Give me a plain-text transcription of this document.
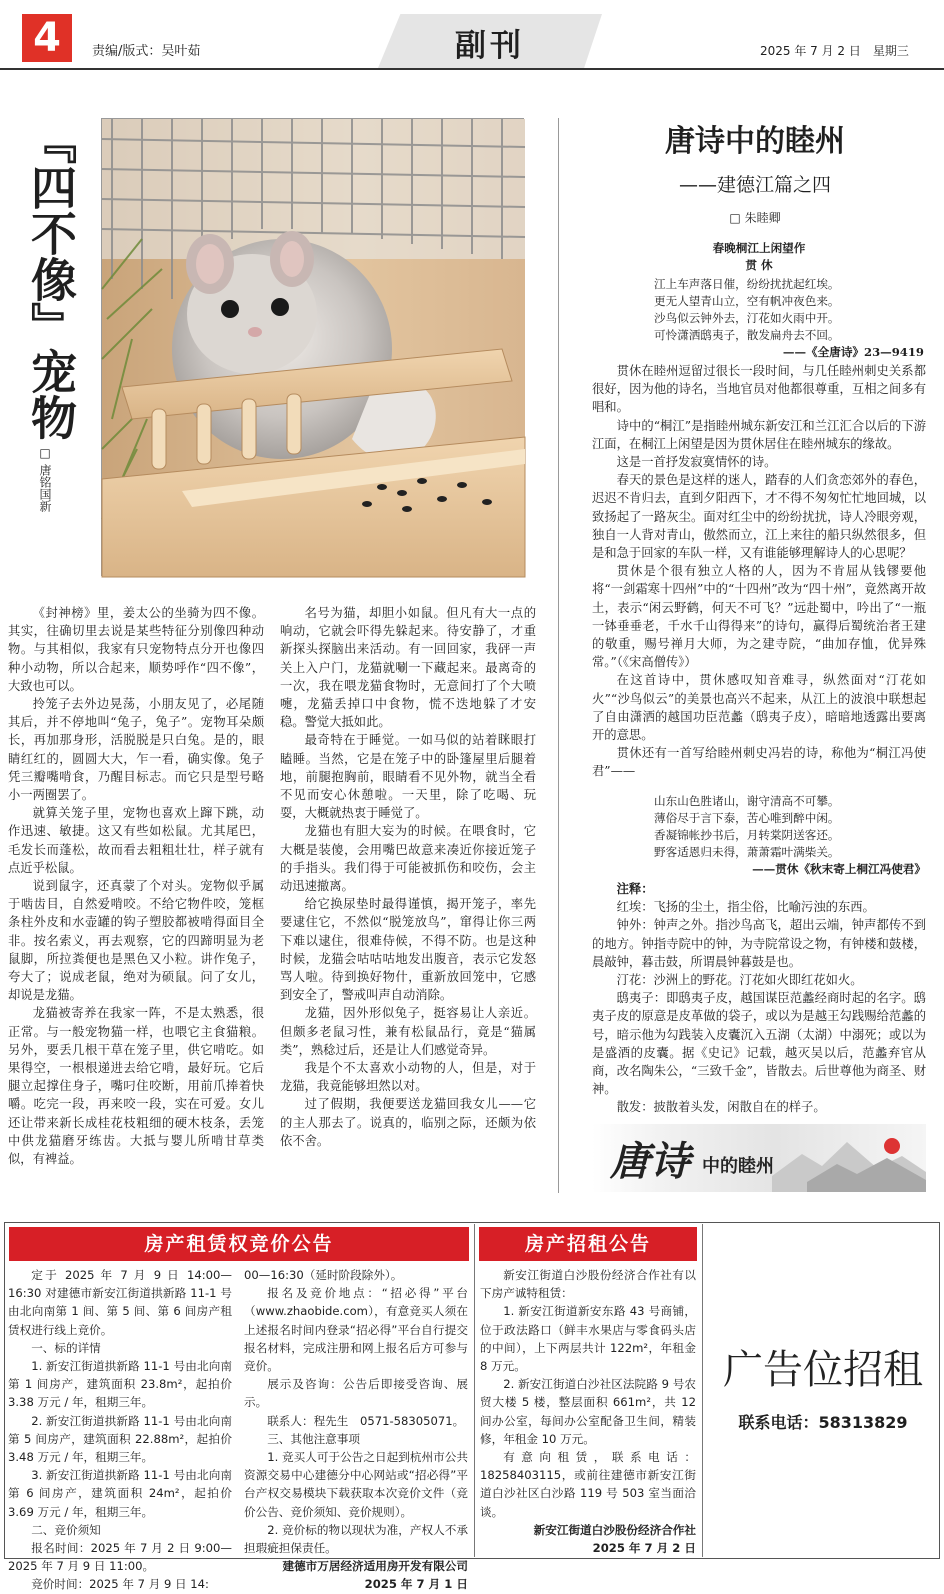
4	责编/版式：吴叶茹	副刊	2025 年 7 月 2 日　星期三
『四不像』宠物
□ 唐铭国新

《封神榜》里，姜太公的坐骑为四不像。其实，往确切里去说是某些特征分别像四种动物。与其相似，我家有只宠物特点分开也像四种小动物，所以合起来，顺势呼作“四不像”，大致也可以。

拎笼子去外边晃荡，小朋友见了，必尾随其后，并不停地叫“兔子，兔子”。宠物耳朵颇长，再加那身形，活脱脱是只白兔。是的，眼睛红红的，圆圆大大，乍一看，确实像。兔子凭三瓣嘴啃食，乃醒目标志。而它只是型号略小一两圈罢了。

就算关笼子里，宠物也喜欢上蹿下跳，动作迅速、敏捷。这又有些如松鼠。尤其尾巴，毛发长而蓬松，故而看去粗粗壮壮，样子就有点近乎松鼠。

说到鼠字，还真蒙了个对头。宠物似乎属于啮齿目，自然爱啃咬。不给它物件咬，笼框条柱外皮和水壶罐的钩子塑胶都被啃得面目全非。按名索义，再去观察，它的四蹄明显为老鼠脚，所拉粪便也是黑色又小粒。讲作兔子，夸大了；说成老鼠，绝对为硕鼠。问了女儿，却说是龙猫。

龙猫被寄养在我家一阵，不是太熟悉，很正常。与一般宠物猫一样，也喂它主食猫粮。另外，要丢几根干草在笼子里，供它啃吃。如果得空，一根根递进去给它啃，最好玩。它后腿立起撑住身子，嘴叼住咬断，用前爪捧着快嚼。吃完一段，再来咬一段，实在可爱。女儿还让带来新长成桂花枝粗细的硬木枝条，丢笼中供龙猫磨牙练齿。大抵与婴儿所啃甘草类似，有裨益。

名号为猫，却胆小如鼠。但凡有大一点的响动，它就会吓得先躲起来。待安静了，才重新探头探脑出来活动。有一回回家，我砰一声关上入户门，龙猫就唰一下藏起来。最离奇的一次，我在喂龙猫食物时，无意间打了个大喷嚏，龙猫丢掉口中食物，慌不迭地躲了才安稳。警觉大抵如此。

最奇特在于睡觉。一如马似的站着眯眼打瞌睡。当然，它是在笼子中的卧篷屋里后腿着地，前腿抱胸前，眼睛看不见外物，就当全看不见而安心休憩啦。一天里，除了吃喝、玩耍，大概就热衷于睡觉了。

龙猫也有胆大妄为的时候。在喂食时，它大概是装傻，会用嘴巴故意来凑近你接近笼子的手指头。我们得于可能被抓伤和咬伤，会主动迅速撤离。

给它换尿垫时最得谨慎，揭开笼子，率先要逮住它，不然似“脱笼放鸟”，窜得让你三两下难以逮住，很难侍候，不得不防。也是这种时候，龙猫会咕咕咕地发出腹音，表示它发怒骂人啦。待到换好物什，重新放回笼中，它感到安全了，警戒叫声自动消除。

龙猫，因外形似兔子，挺容易让人亲近。但颇多老鼠习性，兼有松鼠品行，竟是“猫属类”，熟稔过后，还是让人们感觉奇异。

我是个不太喜欢小动物的人，但是，对于龙猫，我竟能够坦然以对。

过了假期，我便要送龙猫回我女儿——它的主人那去了。说真的，临别之际，还颇为依依不舍。

唐诗中的睦州
——建德江篇之四
□ 朱睦卿
春晚桐江上闲望作
贯 休
江上车声落日催，纷纷扰扰起红埃。
更无人望青山立，空有帆冲夜色来。
沙鸟似云钟外去，汀花如火雨中开。
可怜潇洒鸱夷子，散发扁舟去不回。
——《全唐诗》23—9419

贯休在睦州逗留过很长一段时间，与几任睦州刺史关系都很好，因为他的诗名，当地官员对他都很尊重，互相之间多有唱和。

诗中的“桐江”是指睦州城东新安江和兰江汇合以后的下游江面，在桐江上闲望是因为贯休居住在睦州城东的缘故。

这是一首抒发寂寞情怀的诗。

春天的景色是这样的迷人，踏春的人们贪恋郊外的春色，迟迟不肯归去，直到夕阳西下，才不得不匆匆忙忙地回城，以致扬起了一路灰尘。面对红尘中的纷纷扰扰，诗人冷眼旁观，独自一人背对青山，傲然而立，江上来往的船只纵然很多，但是和急于回家的车队一样，又有谁能够理解诗人的心思呢？

贯休是个很有独立人格的人，因为不肯屈从钱镠要他将“一剑霜寒十四州”中的“十四州”改为“四十州”，竟然离开故土，表示“闲云野鹤，何天不可飞？”远赴蜀中，吟出了“一瓶一钵垂垂老，千水千山得得来”的诗句，赢得后蜀统治者王建的敬重，赐号禅月大师，为之建寺院，“曲加存恤，优异殊常。”（《宋高僧传》）

在这首诗中，贯休感叹知音难寻，纵然面对“汀花如火”“沙鸟似云”的美景也高兴不起来，从江上的波浪中联想起了自由潇洒的越国功臣范蠡（鸱夷子皮），暗暗地透露出要离开的意思。

贯休还有一首写给睦州刺史冯岩的诗，称他为“桐江冯使君”——

山东山色胜诸山，谢守清高不可攀。
薄俗尽于言下泰，苦心唯到醉中闲。
香凝锦帐抄书后，月转棠阴送客还。
野客适恩归未得，萧萧霜叶满柴关。
——贯休《秋末寄上桐江冯使君》

注释：

红埃：飞扬的尘土，指尘俗，比喻污浊的东西。

钟外：钟声之外。指沙鸟高飞，超出云端，钟声都传不到的地方。钟指寺院中的钟，为寺院常设之物，有钟楼和鼓楼，晨敲钟，暮击鼓，所谓晨钟暮鼓是也。

汀花：沙洲上的野花。汀花如火即红花如火。

鸱夷子：即鸱夷子皮，越国谋臣范蠡经商时起的名字。鸱夷子皮的原意是皮革做的袋子，或以为是越王勾践赐给范蠡的号，暗示他为勾践装入皮囊沉入五湖（太湖）中溺死；或以为是盛酒的皮囊。据《史记》记载，越灭吴以后，范蠡弃官从商，改名陶朱公，“三致千金”，皆散去。后世尊他为商圣、财神。

散发：披散着头发，闲散自在的样子。

唐诗 中的睦州
房产租赁权竞价公告

定于 2025 年 7 月 9 日 14:00—16:30 对建德市新安江街道拱新路 11-1 号由北向南第 1 间、第 5 间、第 6 间房产租赁权进行线上竞价。

一、标的详情

1. 新安江街道拱新路 11-1 号由北向南第 1 间房产，建筑面积 23.8m²，起拍价 3.38 万元 / 年，租期三年。

2. 新安江街道拱新路 11-1 号由北向南第 5 间房产，建筑面积 22.88m²，起拍价 3.48 万元 / 年，租期三年。

3. 新安江街道拱新路 11-1 号由北向南第 6 间房产，建筑面积 24m²，起拍价 3.69 万元 / 年，租期三年。

二、竞价须知

报名时间：2025 年 7 月 2 日 9:00—2025 年 7 月 9 日 11:00。

竞价时间：2025 年 7 月 9 日 14:

00—16:30（延时阶段除外）。

报名及竞价地点：“招必得”平台（www.zhaobide.com），有意竞买人须在上述报名时间内登录“招必得”平台自行提交报名材料，完成注册和网上报名后方可参与竞价。

展示及咨询：公告后即接受咨询、展示。

联系人：程先生　0571-58305071。

三、其他注意事项

1. 竞买人可于公告之日起到杭州市公共资源交易中心建德分中心网站或“招必得”平台产权交易模块下载获取本次竞价文件（竞价公告、竞价须知、竞价规则）。

2. 竞价标的物以现状为准，产权人不承担瑕疵担保责任。

建德市万居经济适用房开发有限公司

2025 年 7 月 1 日

房产招租公告

新安江街道白沙股份经济合作社有以下房产诚特租赁：

1. 新安江街道新安东路 43 号商铺，位于政法路口（鲜丰水果店与零食码头店的中间），上下两层共计 122m²，年租金 8 万元。

2. 新安江街道白沙社区法院路 9 号农贸大楼 5 楼，整层面积 661m²，共 12 间办公室，每间办公室配备卫生间，精装修，年租金 10 万元。

有意向租赁，联系电话：18258403115，或前往建德市新安江街道白沙社区白沙路 119 号 503 室当面洽谈。

新安江街道白沙股份经济合作社

2025 年 7 月 2 日

广告位招租
联系电话：58313829
